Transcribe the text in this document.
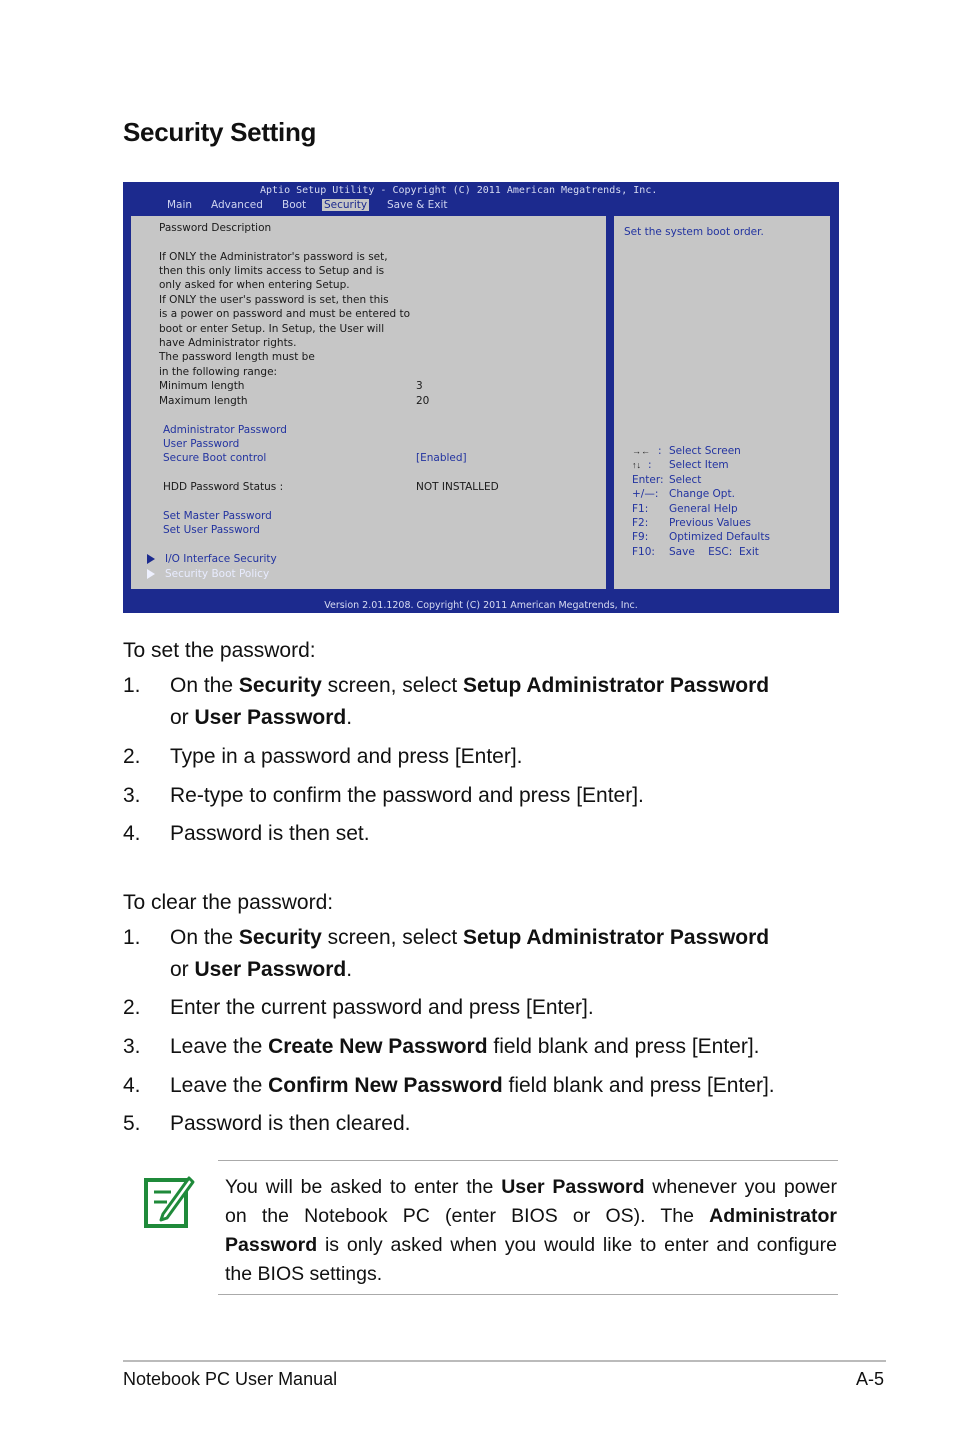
Security Setting
Aptio Setup Utility - Copyright (C) 2011 American Megatrends, Inc.
Main Advanced Boot Security Save & Exit
Password Description
If ONLY the Administrator's password is set,
then this only limits access to Setup and is
only asked for when entering Setup.
If ONLY the user's password is set, then this
is a power on password and must be entered to
boot or enter Setup. In Setup, the User will
have Administrator rights.
The password length must be
in the following range:
Minimum length	3
Maximum length	20
Administrator Password
User Password
Secure Boot control	[Enabled]
HDD Password Status :	NOT INSTALLED
Set Master Password
Set User Password
I/O Interface Security
Security Boot Policy
Set the system boot order.
→← : Select Screen
↑↓ : Select Item
Enter: Select
+/—: Change Opt.
F1: General Help
F2: Previous Values
F9: Optimized Defaults
F10: Save    ESC:  Exit
Version 2.01.1208. Copyright (C) 2011 American Megatrends, Inc.
To set the password:
1. On the Security screen, select Setup Administrator Password
or User Password.
2. Type in a password and press [Enter].
3. Re-type to confirm the password and press [Enter].
4. Password is then set.
To clear the password:
1. On the Security screen, select Setup Administrator Password
or User Password.
2. Enter the current password and press [Enter].
3. Leave the Create New Password field blank and press [Enter].
4. Leave the Confirm New Password field blank and press [Enter].
5. Password is then cleared.
You will be asked to enter the User Password whenever you power on the Notebook PC (enter BIOS or OS). The Administrator Password is only asked when you would like to enter and configure the BIOS settings.
Notebook PC User Manual	A-5
